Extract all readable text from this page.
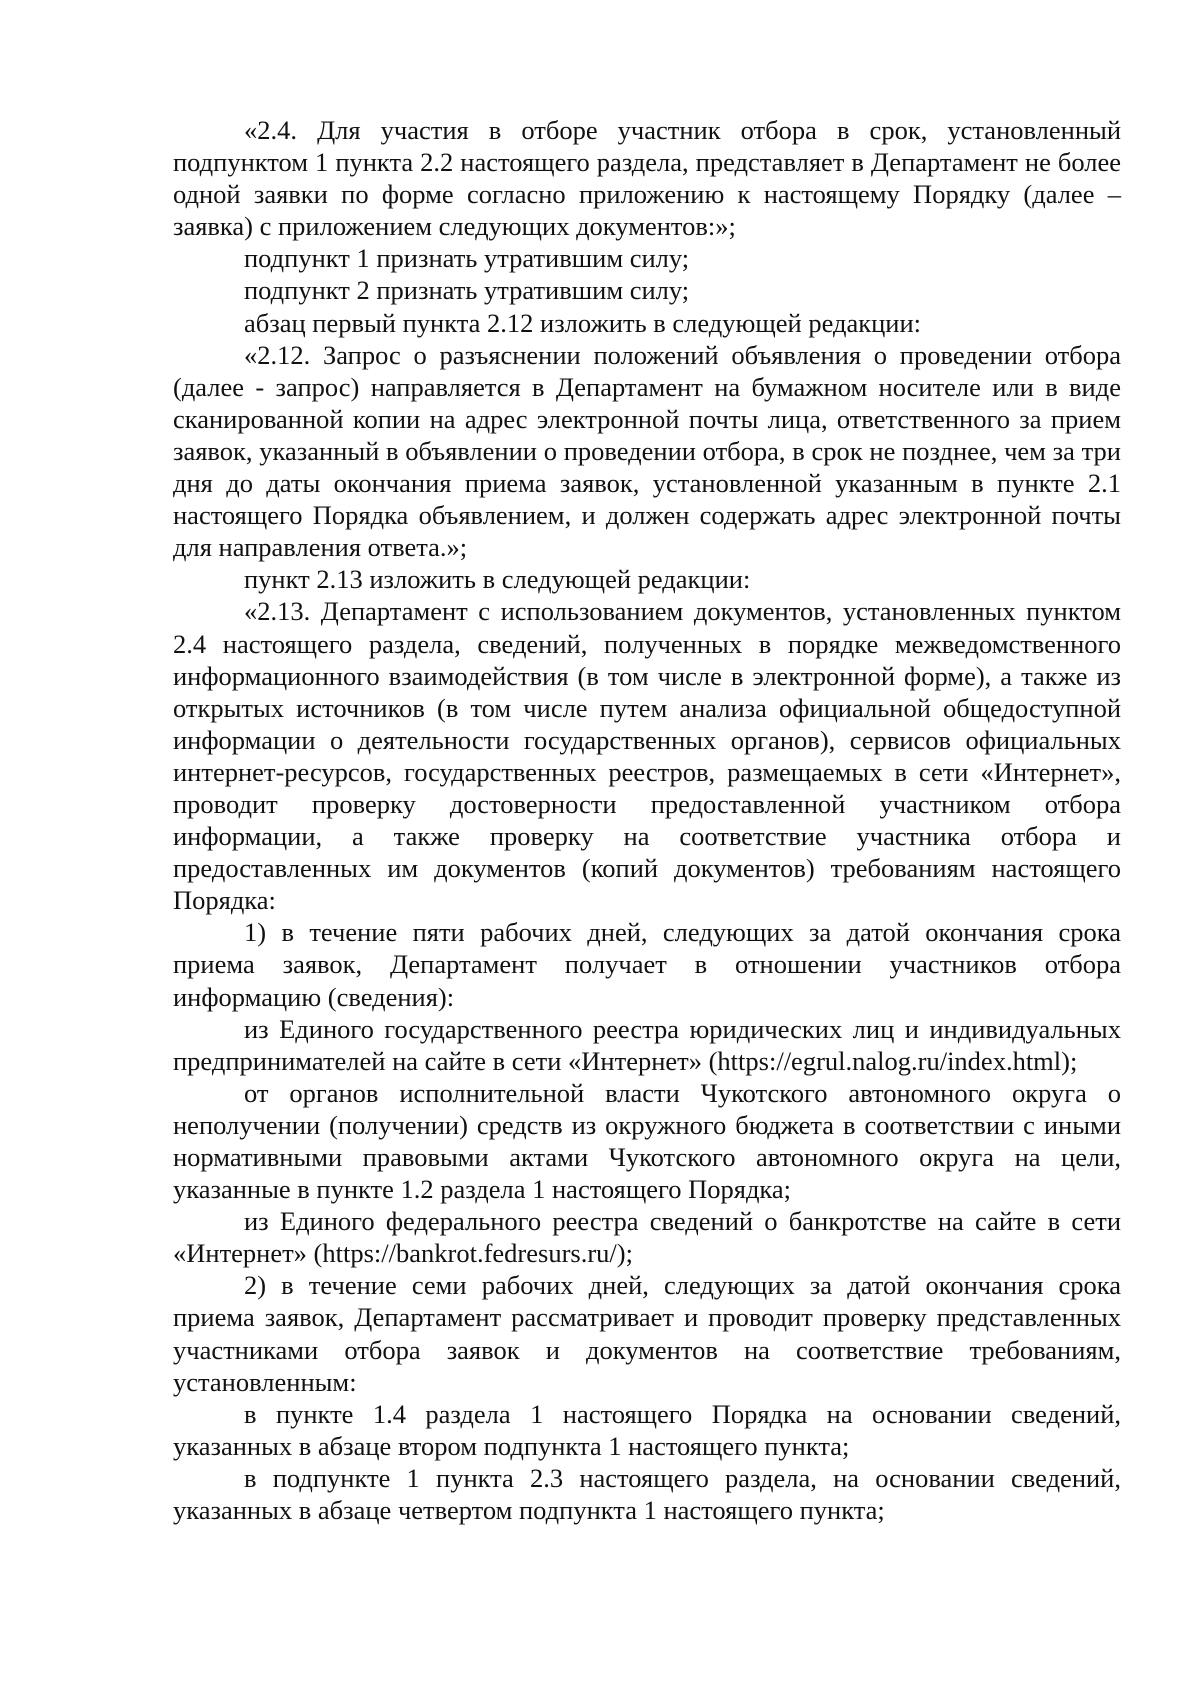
«2.4. Для участия в отборе участник отбора в срок, установленный подпунктом 1 пункта 2.2 настоящего раздела, представляет в Департамент не более одной заявки по форме согласно приложению к настоящему Порядку (далее – заявка) с приложением следующих документов:»;

подпункт 1 признать утратившим силу;

подпункт 2 признать утратившим силу;

абзац первый пункта 2.12 изложить в следующей редакции:

«2.12. Запрос о разъяснении положений объявления о проведении отбора (далее - запрос) направляется в Департамент на бумажном носителе или в виде сканированной копии на адрес электронной почты лица, ответственного за прием заявок, указанный в объявлении о проведении отбора, в срок не позднее, чем за три дня до даты окончания приема заявок, установленной указанным в пункте 2.1 настоящего Порядка объявлением, и должен содержать адрес электронной почты для направления ответа.»;

пункт 2.13 изложить в следующей редакции:

«2.13. Департамент с использованием документов, установленных пунктом 2.4 настоящего раздела, сведений, полученных в порядке межведомственного информационного взаимодействия (в том числе в электронной форме), а также из открытых источников (в том числе путем анализа официальной общедоступной информации о деятельности государственных органов), сервисов официальных интернет-ресурсов, государственных реестров, размещаемых в сети «Интернет», проводит проверку достоверности предоставленной участником отбора информации, а также проверку на соответствие участника отбора и предоставленных им документов (копий документов) требованиям настоящего Порядка:

1) в течение пяти рабочих дней, следующих за датой окончания срока приема заявок, Департамент получает в отношении участников отбора информацию (сведения):

из Единого государственного реестра юридических лиц и индивидуальных предпринимателей на сайте в сети «Интернет» (https://egrul.nalog.ru/index.html);

от органов исполнительной власти Чукотского автономного округа о неполучении (получении) средств из окружного бюджета в соответствии с иными нормативными правовыми актами Чукотского автономного округа на цели, указанные в пункте 1.2 раздела 1 настоящего Порядка;

из Единого федерального реестра сведений о банкротстве на сайте в сети «Интернет» (https://bankrot.fedresurs.ru/);

2) в течение семи рабочих дней, следующих за датой окончания срока приема заявок, Департамент рассматривает и проводит проверку представленных участниками отбора заявок и документов на соответствие требованиям, установленным:

в пункте 1.4 раздела 1 настоящего Порядка на основании сведений, указанных в абзаце втором подпункта 1 настоящего пункта;

в подпункте 1 пункта 2.3 настоящего раздела, на основании сведений, указанных в абзаце четвертом подпункта 1 настоящего пункта;
